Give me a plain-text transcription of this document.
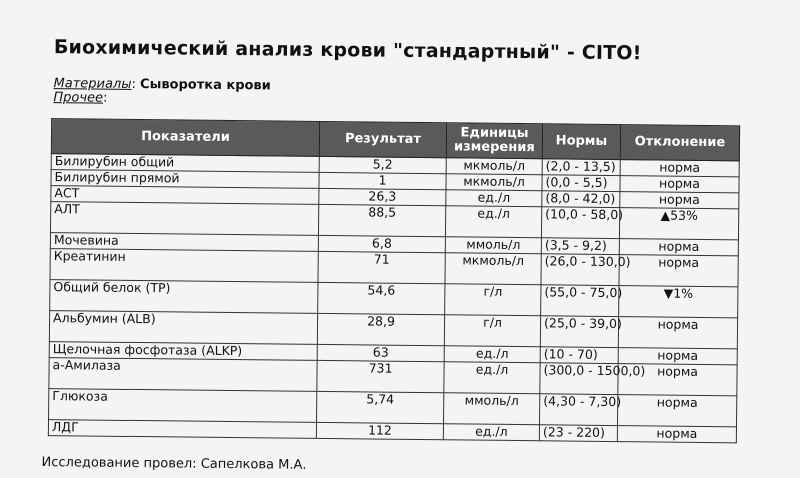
Биохимический анализ крови "стандартный" - CITO!
Материалы: Сыворотка крови
Прочее:
Показатели	Результат	Единицы измерения	Нормы	Отклонение
Билирубин общий	5,2	мкмоль/л	(2,0 - 13,5)	норма
Билирубин прямой	1	мкмоль/л	(0,0 - 5,5)	норма
АСТ	26,3	ед./л	(8,0 - 42,0)	норма
АЛТ	88,5	ед./л	(10,0 - 58,0)	▲53%
Мочевина	6,8	ммоль/л	(3,5 - 9,2)	норма
Креатинин	71	мкмоль/л	(26,0 - 130,0)	норма
Общий белок (TP)	54,6	г/л	(55,0 - 75,0)	▼1%
Альбумин (ALB)	28,9	г/л	(25,0 - 39,0)	норма
Щелочная фосфотаза (ALKP)	63	ед./л	(10 - 70)	норма
а-Амилаза	731	ед./л	(300,0 - 1500,0)	норма
Глюкоза	5,74	ммоль/л	(4,30 - 7,30)	норма
ЛДГ	112	ед./л	(23 - 220)	норма
Исследование провел: Сапелкова М.А.
